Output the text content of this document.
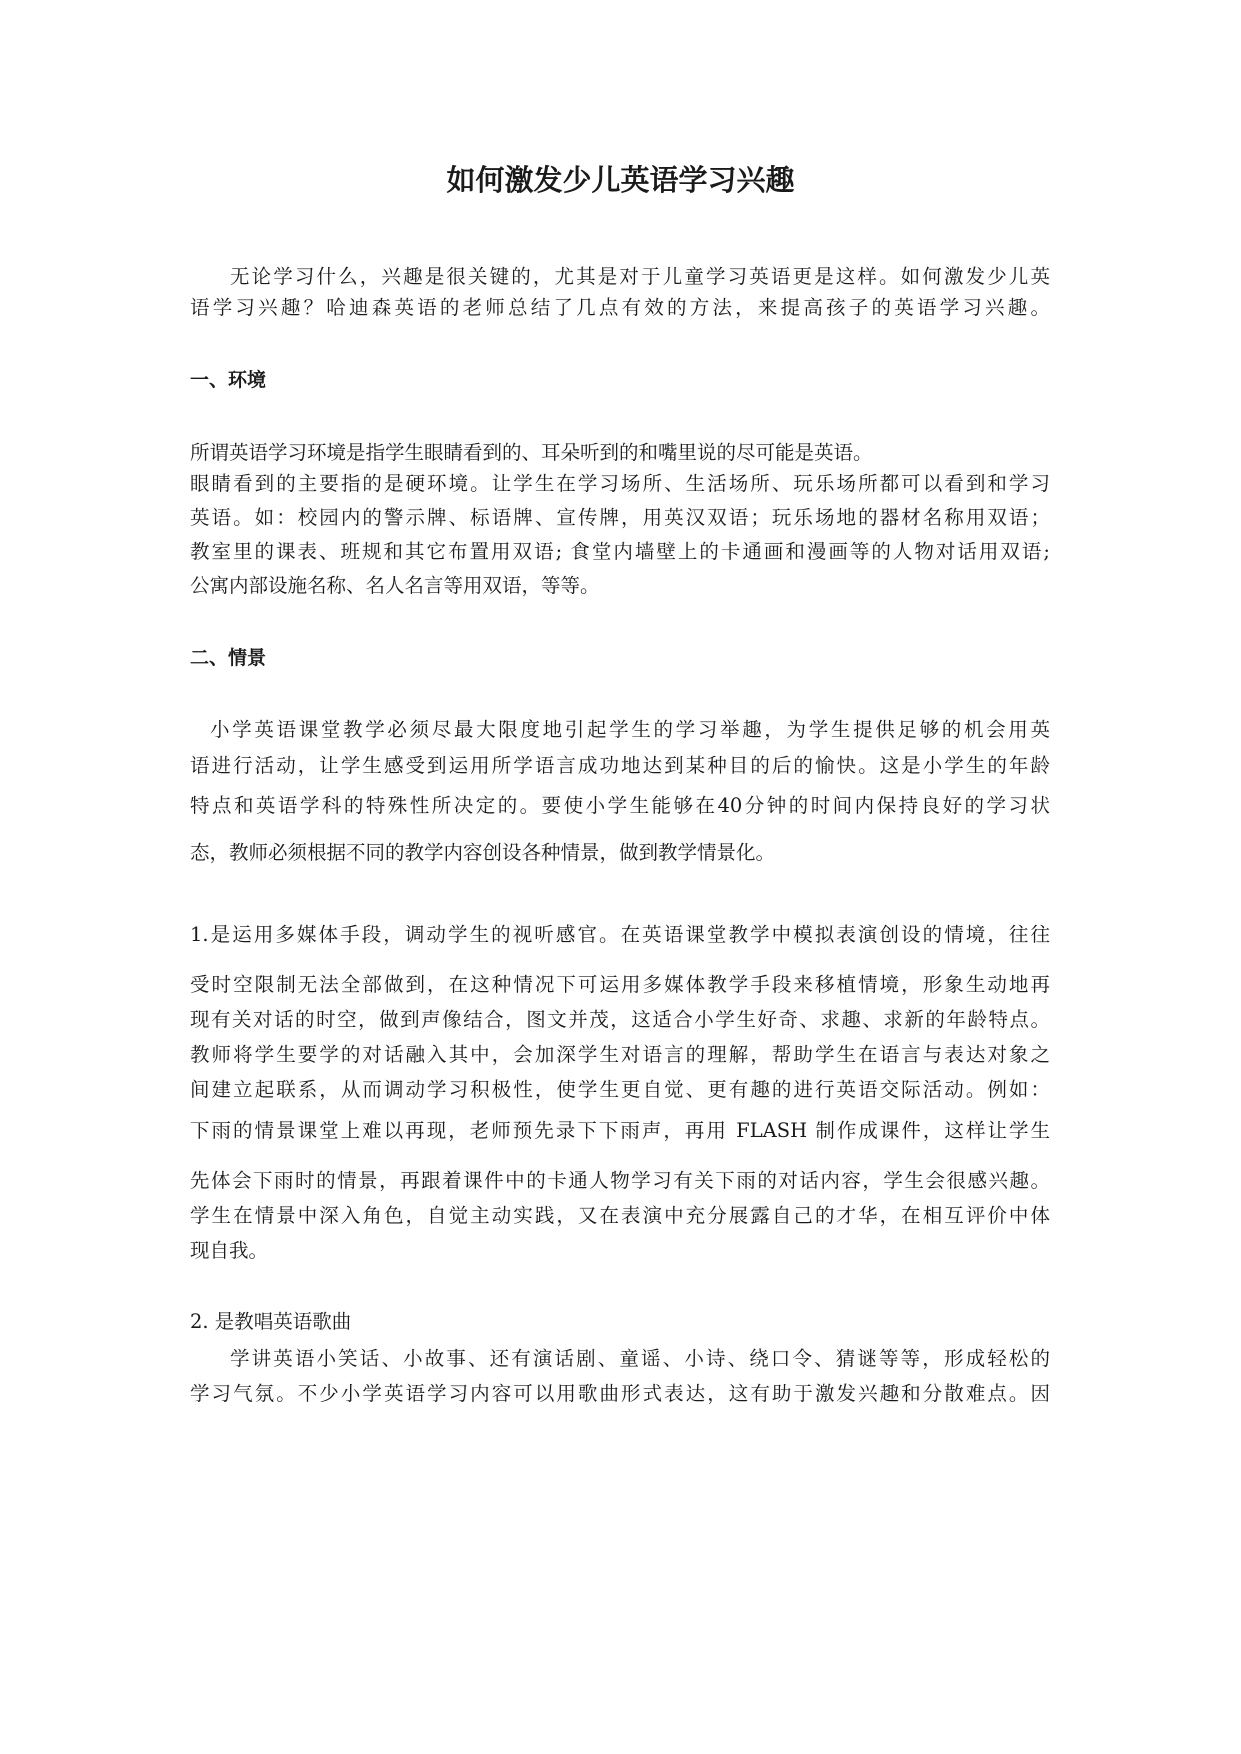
如何激发少儿英语学习兴趣
无论学习什么，兴趣是很关键的，尤其是对于儿童学习英语更是这样。如何激发少儿英
语学习兴趣？哈迪森英语的老师总结了几点有效的方法，来提高孩子的英语学习兴趣。
一、环境
所谓英语学习环境是指学生眼睛看到的、耳朵听到的和嘴里说的尽可能是英语。
眼睛看到的主要指的是硬环境。让学生在学习场所、生活场所、玩乐场所都可以看到和学习
英语。如：校园内的警示牌、标语牌、宣传牌，用英汉双语；玩乐场地的器材名称用双语；
教室里的课表、班规和其它布置用双语; 食堂内墙壁上的卡通画和漫画等的人物对话用双语;
公寓内部设施名称、名人名言等用双语，等等。
二、情景
小学英语课堂教学必须尽最大限度地引起学生的学习举趣，为学生提供足够的机会用英
语进行活动，让学生感受到运用所学语言成功地达到某种目的后的愉快。这是小学生的年龄
特点和英语学科的特殊性所决定的。要使小学生能够在40分钟的时间内保持良好的学习状
态，教师必须根据不同的教学内容创设各种情景，做到教学情景化。
1.是运用多媒体手段，调动学生的视听感官。在英语课堂教学中模拟表演创设的情境，往往
受时空限制无法全部做到，在这种情况下可运用多媒体教学手段来移植情境，形象生动地再
现有关对话的时空，做到声像结合，图文并茂，这适合小学生好奇、求趣、求新的年龄特点。
教师将学生要学的对话融入其中，会加深学生对语言的理解，帮助学生在语言与表达对象之
间建立起联系，从而调动学习积极性，使学生更自觉、更有趣的进行英语交际活动。例如：
下雨的情景课堂上难以再现，老师预先录下下雨声，再用 FLASH 制作成课件，这样让学生
先体会下雨时的情景，再跟着课件中的卡通人物学习有关下雨的对话内容，学生会很感兴趣。
学生在情景中深入角色，自觉主动实践，又在表演中充分展露自己的才华，在相互评价中体
现自我。
2. 是教唱英语歌曲
学讲英语小笑话、小故事、还有演话剧、童谣、小诗、绕口令、猜谜等等，形成轻松的
学习气氛。不少小学英语学习内容可以用歌曲形式表达，这有助于激发兴趣和分散难点。因
